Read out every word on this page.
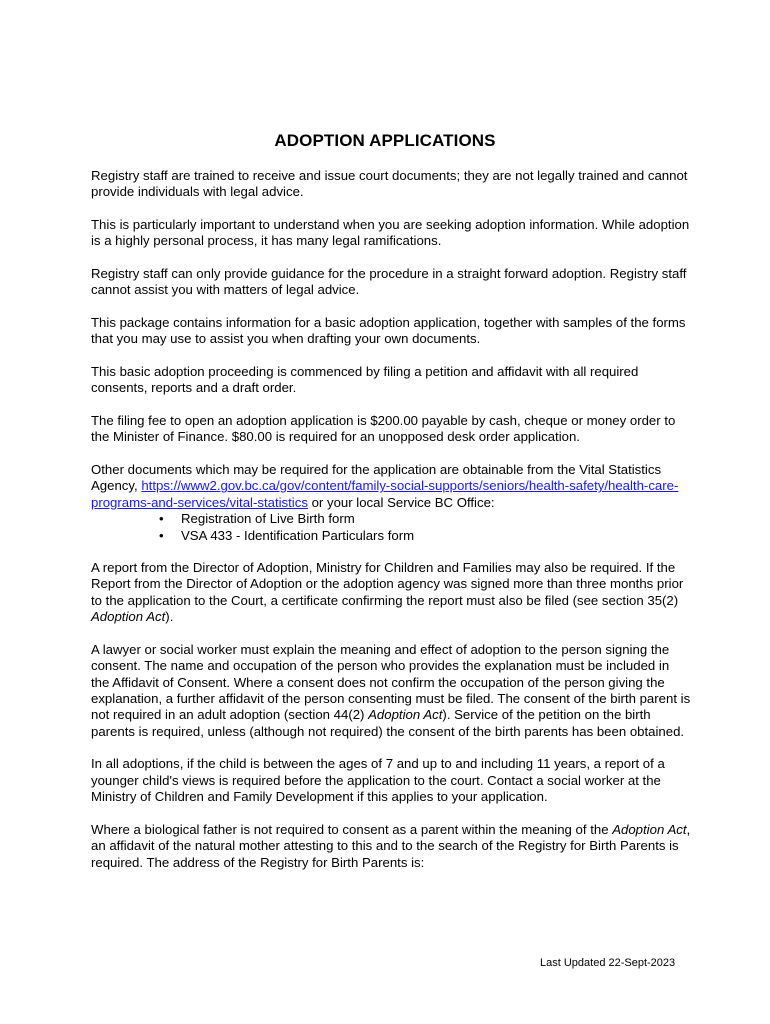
ADOPTION APPLICATIONS

Registry staff are trained to receive and issue court documents; they are not legally trained and cannot provide individuals with legal advice.

This is particularly important to understand when you are seeking adoption information. While adoption is a highly personal process, it has many legal ramifications.

Registry staff can only provide guidance for the procedure in a straight forward adoption. Registry staff cannot assist you with matters of legal advice.

This package contains information for a basic adoption application, together with samples of the forms that you may use to assist you when drafting your own documents.

This basic adoption proceeding is commenced by filing a petition and affidavit with all required consents, reports and a draft order.

The filing fee to open an adoption application is $200.00 payable by cash, cheque or money order to the Minister of Finance. $80.00 is required for an unopposed desk order application.

Other documents which may be required for the application are obtainable from the Vital Statistics Agency, https://www2.gov.bc.ca/gov/content/family-social-supports/seniors/health-safety/health-care-programs-and-services/vital-statistics or your local Service BC Office:

• Registration of Live Birth form
• VSA 433 - Identification Particulars form

A report from the Director of Adoption, Ministry for Children and Families may also be required. If the Report from the Director of Adoption or the adoption agency was signed more than three months prior to the application to the Court, a certificate confirming the report must also be filed (see section 35(2) Adoption Act).

A lawyer or social worker must explain the meaning and effect of adoption to the person signing the consent. The name and occupation of the person who provides the explanation must be included in the Affidavit of Consent. Where a consent does not confirm the occupation of the person giving the explanation, a further affidavit of the person consenting must be filed. The consent of the birth parent is not required in an adult adoption (section 44(2) Adoption Act). Service of the petition on the birth parents is required, unless (although not required) the consent of the birth parents has been obtained.

In all adoptions, if the child is between the ages of 7 and up to and including 11 years, a report of a younger child's views is required before the application to the court. Contact a social worker at the Ministry of Children and Family Development if this applies to your application.

Where a biological father is not required to consent as a parent within the meaning of the Adoption Act, an affidavit of the natural mother attesting to this and to the search of the Registry for Birth Parents is required. The address of the Registry for Birth Parents is:

Last Updated 22-Sept-2023
